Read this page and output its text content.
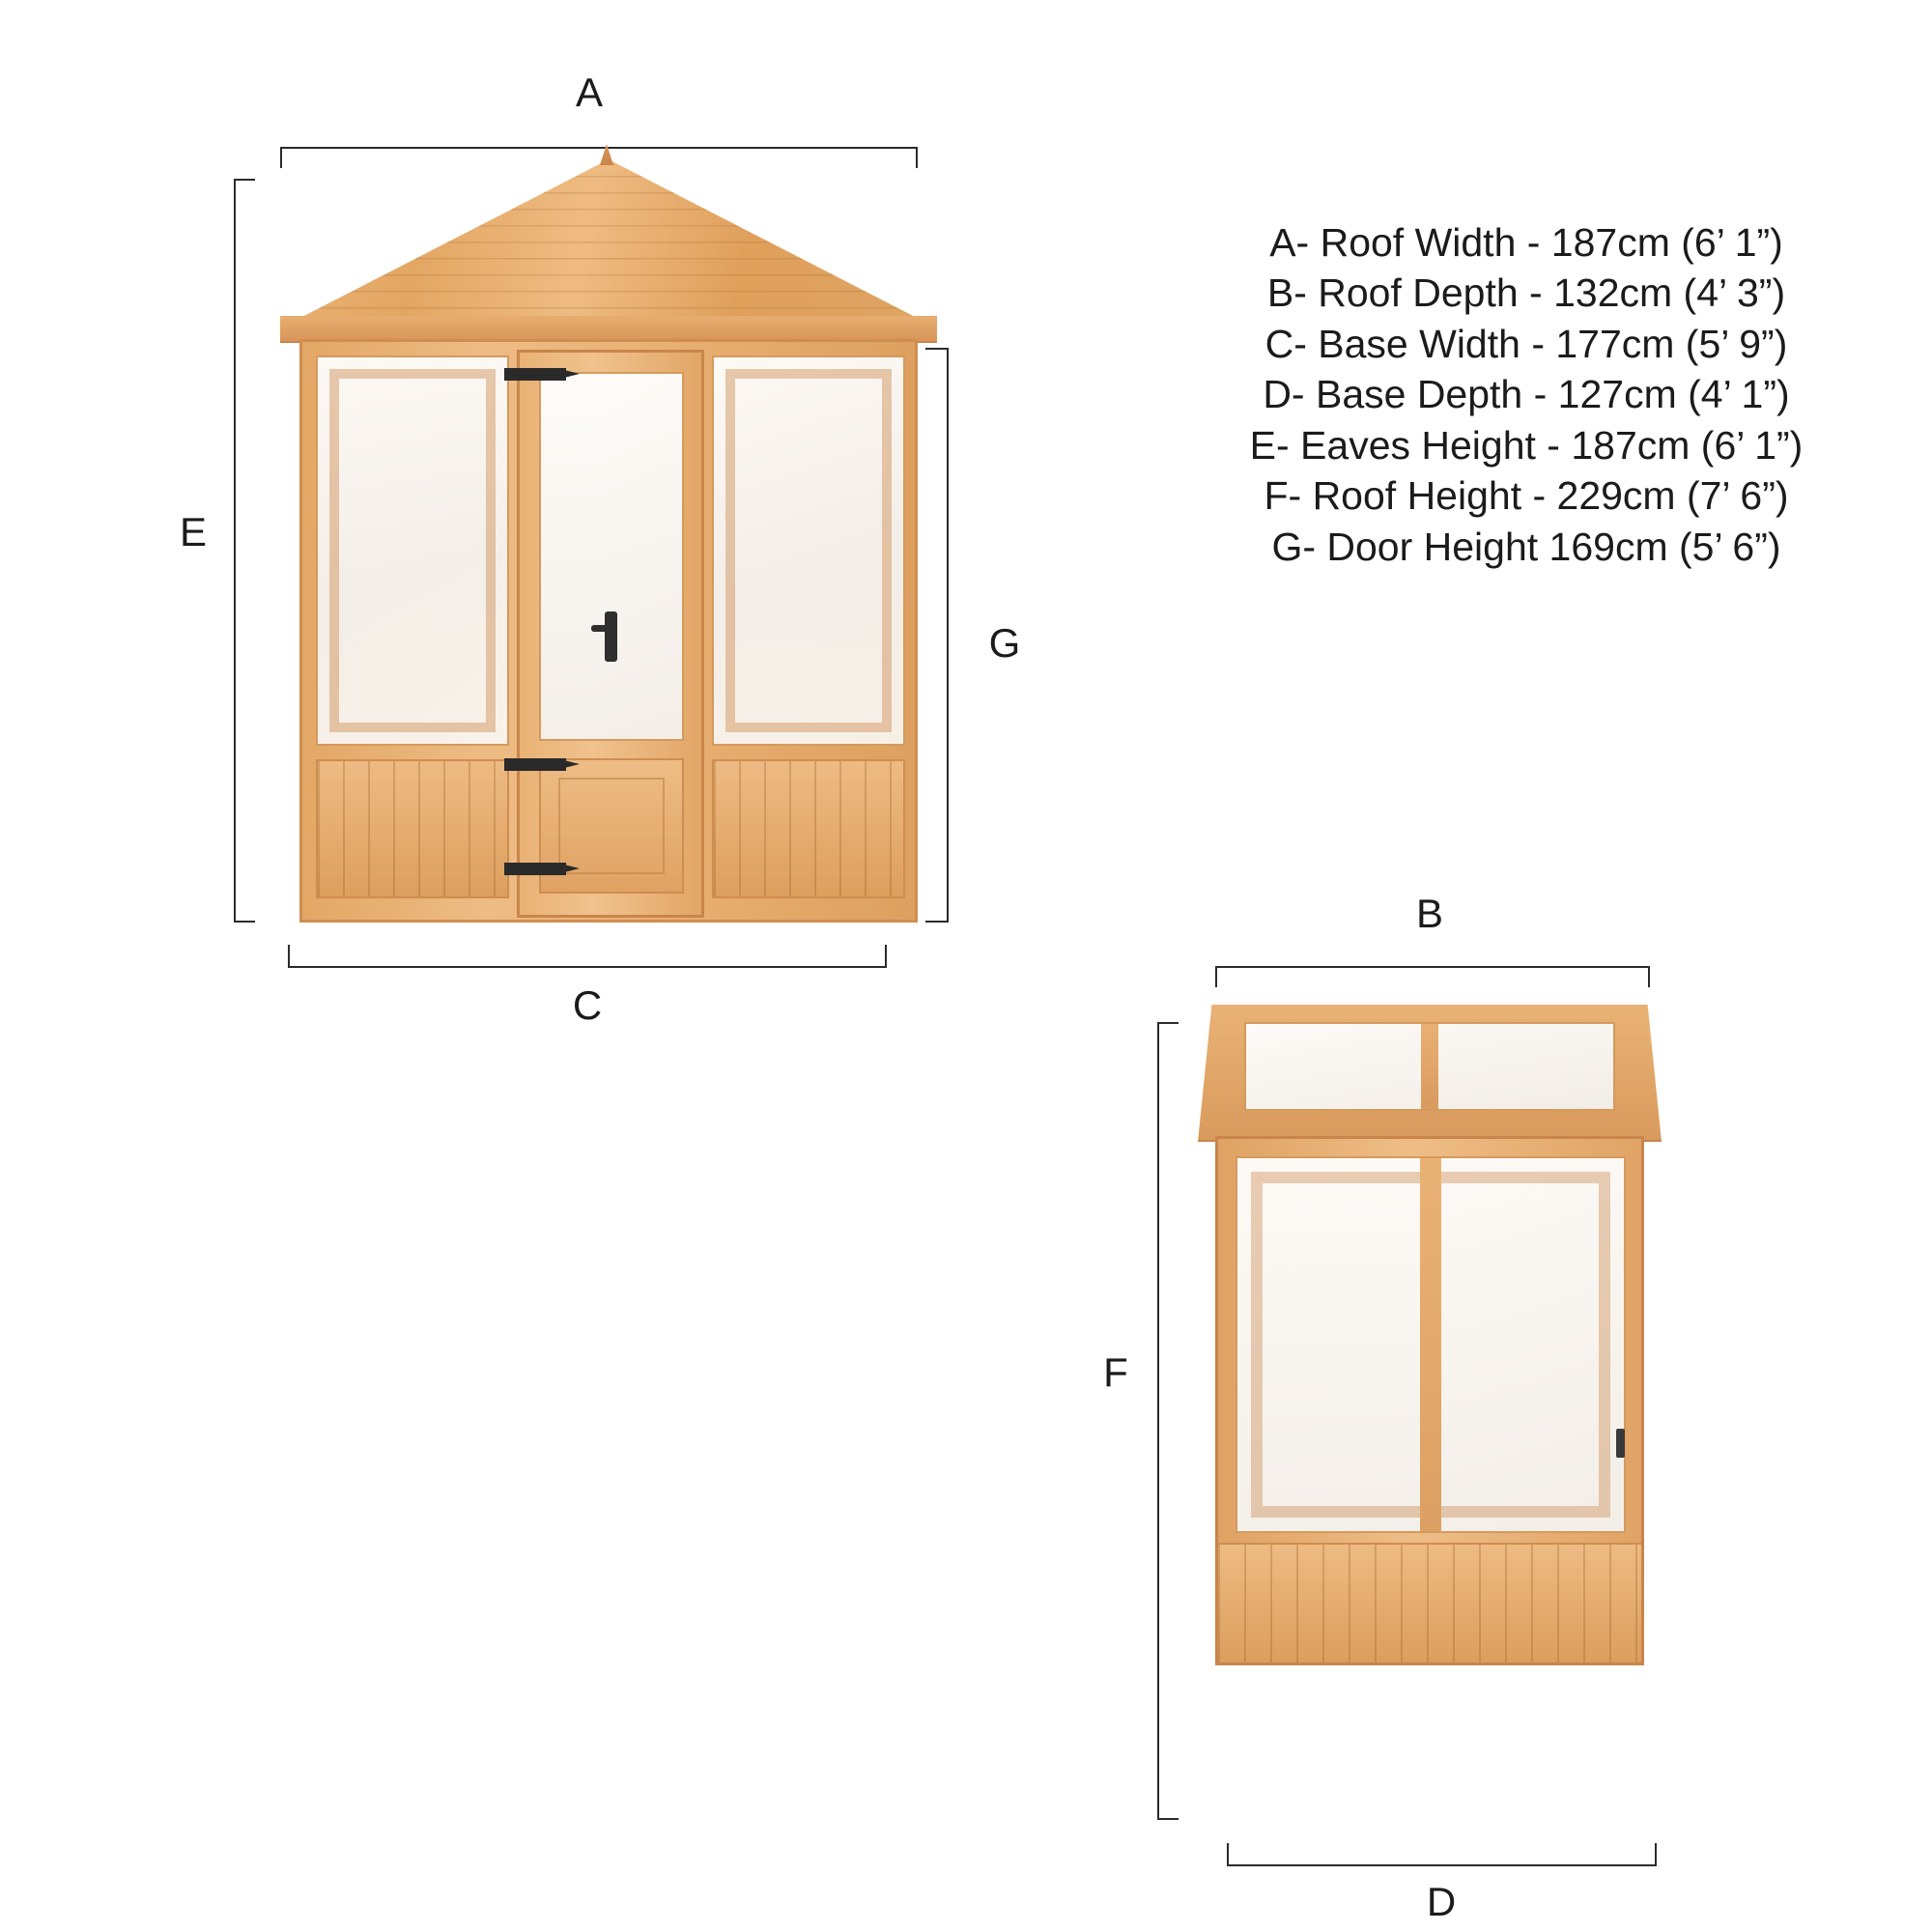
A
E
G
C
A- Roof Width - 187cm (6’ 1”)
B- Roof Depth - 132cm (4’ 3”)
C- Base Width - 177cm (5’ 9”)
D- Base Depth - 127cm (4’ 1”)
E- Eaves Height - 187cm (6’ 1”)
F- Roof Height - 229cm (7’ 6”)
G- Door Height 169cm (5’ 6”)
B
F
D
